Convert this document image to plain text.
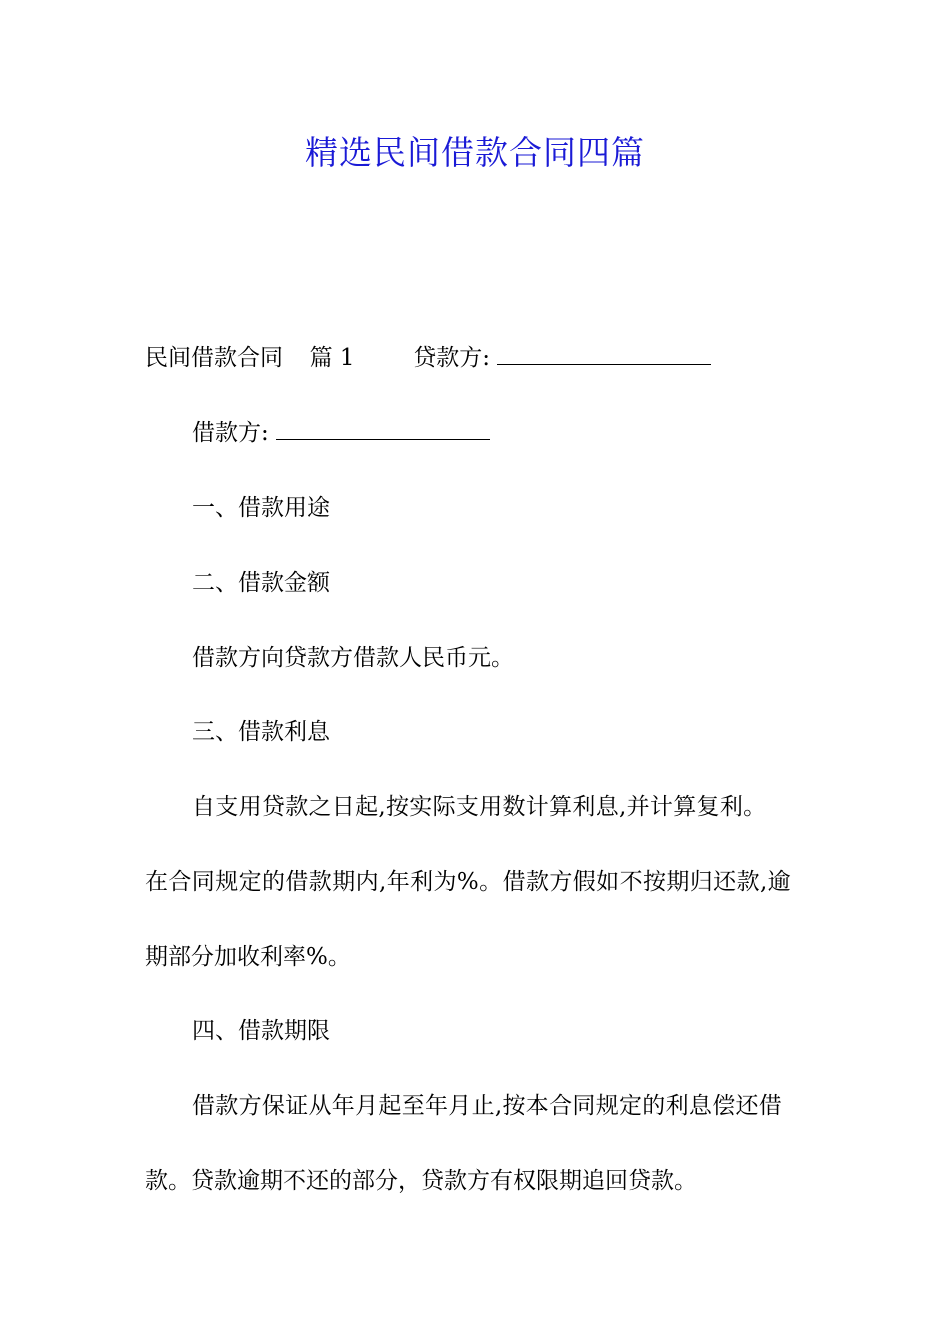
精选民间借款合同四篇
民间借款合同 篇 1	贷款方:
借款方:
一、借款用途
二、借款金额
借款方向贷款方借款人民币元。
三、借款利息
自支用贷款之日起,按实际支用数计算利息,并计算复利。
在合同规定的借款期内,年利为%。借款方假如不按期归还款,逾
期部分加收利率%。
四、借款期限
借款方保证从年月起至年月止,按本合同规定的利息偿还借
款。贷款逾期不还的部分，贷款方有权限期追回贷款。
